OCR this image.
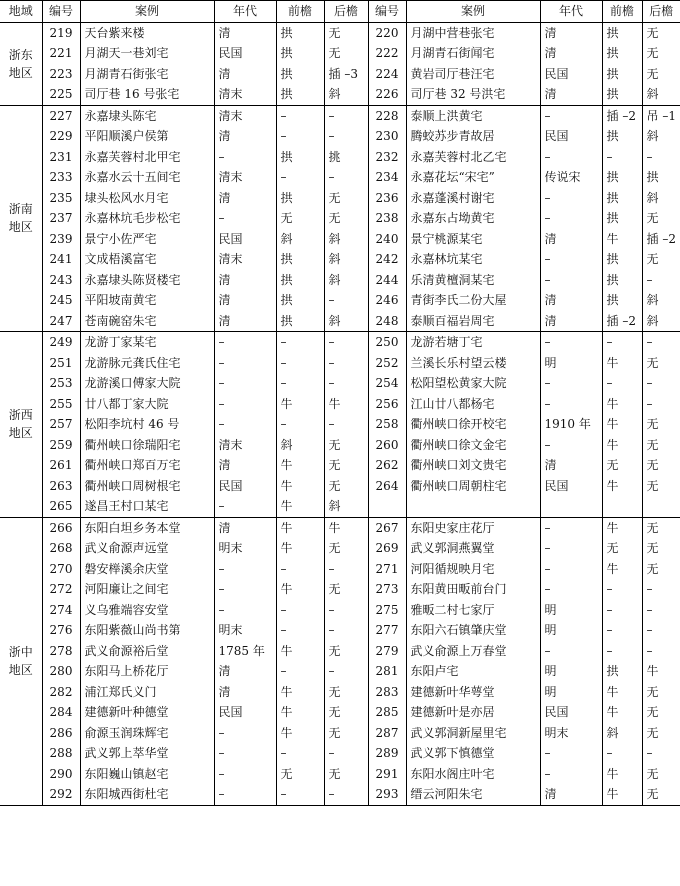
地域	编号	案例	年代	前檐	后檐	编号	案例	年代	前檐	后檐
浙东
地区	219	天台紫来楼	清	拱	无	220	月湖中营巷张宅	清	拱	无
	221	月湖天一巷刘宅	民国	拱	无	222	月湖青石街闻宅	清	拱	无
	223	月湖青石街张宅	清	拱	插 –3	224	黄岩司厅巷汪宅	民国	拱	无
	225	司厅巷 16 号张宅	清末	拱	斜	226	司厅巷 32 号洪宅	清	拱	斜
浙南
地区	227	永嘉埭头陈宅	清末	–	–	228	泰顺上洪黄宅	–	插 –2	吊 –1
	229	平阳顺溪户侯第	清	–	–	230	腾蛟苏步青故居	民国	拱	斜
	231	永嘉芙蓉村北甲宅	–	拱	挑	232	永嘉芙蓉村北乙宅	–	–	–
	233	永嘉水云十五间宅	清末	–	–	234	永嘉花坛“宋宅”	传说宋	拱	拱
	235	埭头松风水月宅	清	拱	无	236	永嘉蓬溪村谢宅	–	拱	斜
	237	永嘉林坑毛步松宅	–	无	无	238	永嘉东占坳黄宅	–	拱	无
	239	景宁小佐严宅	民国	斜	斜	240	景宁桃源某宅	清	牛	插 –2
	241	文成梧溪富宅	清末	拱	斜	242	永嘉林坑某宅	–	拱	无
	243	永嘉埭头陈贤楼宅	清	拱	斜	244	乐清黄檀洞某宅	–	拱	–
	245	平阳坡南黄宅	清	拱	–	246	青街李氏二份大屋	清	拱	斜
	247	苍南碗窑朱宅	清	拱	斜	248	泰顺百福岩周宅	清	插 –2	斜
浙西
地区	249	龙游丁家某宅	–	–	–	250	龙游若塘丁宅	–	–	–
	251	龙游脉元龚氏住宅	–	–	–	252	兰溪长乐村望云楼	明	牛	无
	253	龙游溪口傅家大院	–	–	–	254	松阳望松黄家大院	–	–	–
	255	廿八都丁家大院	–	牛	牛	256	江山廿八都杨宅	–	牛	–
	257	松阳李坑村 46 号	–	–	–	258	衢州峡口徐开校宅	1910 年	牛	无
	259	衢州峡口徐瑞阳宅	清末	斜	无	260	衢州峡口徐文金宅	–	牛	无
	261	衢州峡口郑百万宅	清	牛	无	262	衢州峡口刘文贵宅	清	无	无
	263	衢州峡口周树根宅	民国	牛	无	264	衢州峡口周朝柱宅	民国	牛	无
	265	遂昌王村口某宅	–	牛	斜					
浙中
地区	266	东阳白坦乡务本堂	清	牛	牛	267	东阳史家庄花厅	–	牛	无
	268	武义俞源声远堂	明末	牛	无	269	武义郭洞燕翼堂	–	无	无
	270	磐安榉溪余庆堂	–	–	–	271	河阳循规映月宅	–	牛	无
	272	河阳廉让之间宅	–	牛	无	273	东阳黄田畈前台门	–	–	–
	274	义乌雅端容安堂	–	–	–	275	雅畈二村七家厅	明	–	–
	276	东阳紫薇山尚书第	明末	–	–	277	东阳六石镇肇庆堂	明	–	–
	278	武义俞源裕后堂	1785 年	牛	无	279	武义俞源上万春堂	–	–	–
	280	东阳马上桥花厅	清	–	–	281	东阳卢宅	明	拱	牛
	282	浦江郑氏义门	清	牛	无	283	建德新叶华萼堂	明	牛	无
	284	建德新叶种德堂	民国	牛	无	285	建德新叶是亦居	民国	牛	无
	286	俞源玉润珠辉宅	–	牛	无	287	武义郭洞新屋里宅	明末	斜	无
	288	武义郭上萃华堂	–	–	–	289	武义郭下慎德堂	–	–	–
	290	东阳巍山镇赵宅	–	无	无	291	东阳水阁庄叶宅	–	牛	无
	292	东阳城西街杜宅	–	–	–	293	缙云河阳朱宅	清	牛	无
